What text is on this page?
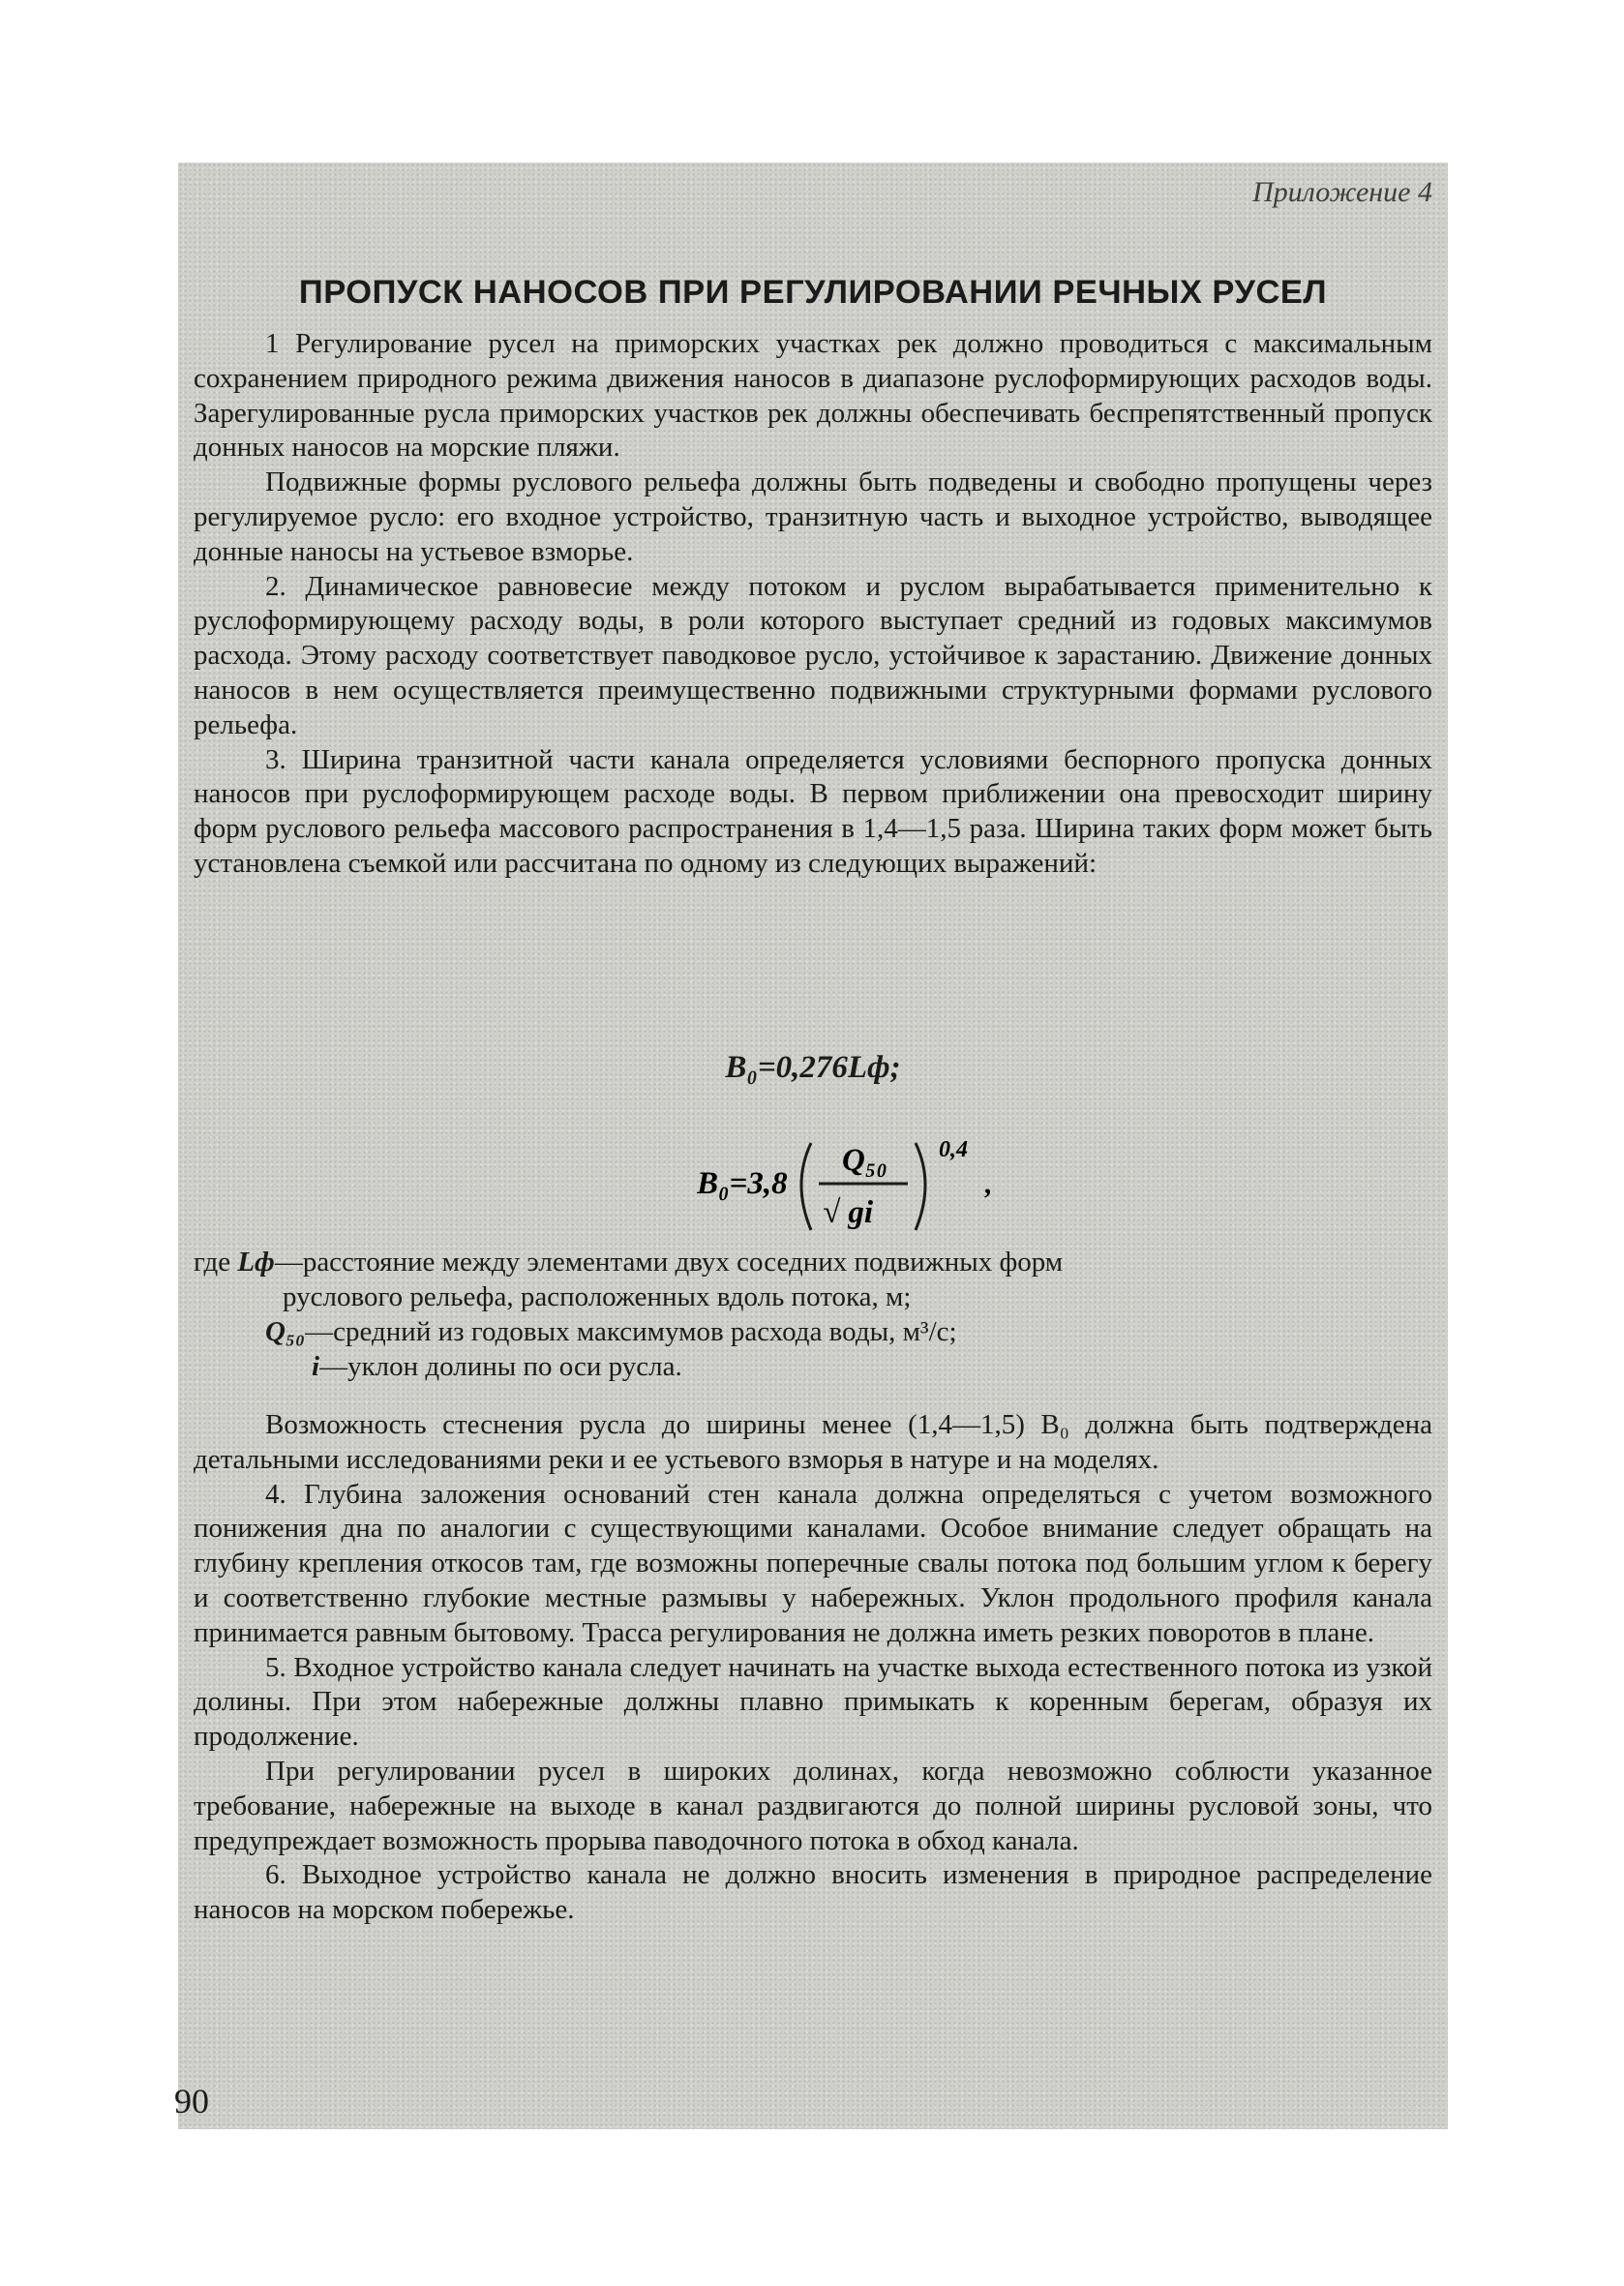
Приложение 4

ПРОПУСК НАНОСОВ ПРИ РЕГУЛИРОВАНИИ РЕЧНЫХ РУСЕЛ

1 Регулирование русел на приморских участках рек должно проводиться с максимальным сохранением природного режима движения наносов в диапазоне руслоформирующих расходов воды. Зарегулированные русла приморских участков рек должны обеспечивать беспрепятственный пропуск донных наносов на морские пляжи.

Подвижные формы руслового рельефа должны быть подведены и свободно пропущены через регулируемое русло: его входное устройство, транзитную часть и выходное устройство, выводящее донные наносы на устьевое взморье.

2. Динамическое равновесие между потоком и руслом вырабатывается применительно к руслоформирующему расходу воды, в роли которого выступает средний из годовых максимумов расхода. Этому расходу соответствует паводковое русло, устойчивое к зарастанию. Движение донных наносов в нем осуществляется преимущественно подвижными структурными формами руслового рельефа.

3. Ширина транзитной части канала определяется условиями беспорного пропуска донных наносов при руслоформирующем расходе воды. В первом приближении она превосходит ширину форм руслового рельефа массового распространения в 1,4—1,5 раза. Ширина таких форм может быть установлена съемкой или рассчитана по одному из следующих выражений:

B₀=0,276Lф;

B₀=3,8
Q₅₀
√ gi
0,4
,

где Lф—расстояние между элементами двух соседних подвижных форм

руслового рельефа, расположенных вдоль потока, м;

Q₅₀—средний из годовых максимумов расхода воды, м³/с;

i—уклон долины по оси русла.

Возможность стеснения русла до ширины менее (1,4—1,5) B₀ должна быть подтверждена детальными исследованиями реки и ее устьевого взморья в натуре и на моделях.

4. Глубина заложения оснований стен канала должна определяться с учетом возможного понижения дна по аналогии с существующими каналами. Особое внимание следует обращать на глубину крепления откосов там, где возможны поперечные свалы потока под большим углом к берегу и соответственно глубокие местные размывы у набережных. Уклон продольного профиля канала принимается равным бытовому. Трасса регулирования не должна иметь резких поворотов в плане.

5. Входное устройство канала следует начинать на участке выхода естественного потока из узкой долины. При этом набережные должны плавно примыкать к коренным берегам, образуя их продолжение.

При регулировании русел в широких долинах, когда невозможно соблюсти указанное требование, набережные на выходе в канал раздвигаются до полной ширины русловой зоны, что предупреждает возможность прорыва паводочного потока в обход канала.

6. Выходное устройство канала не должно вносить изменения в природное распределение наносов на морском побережье.

90
